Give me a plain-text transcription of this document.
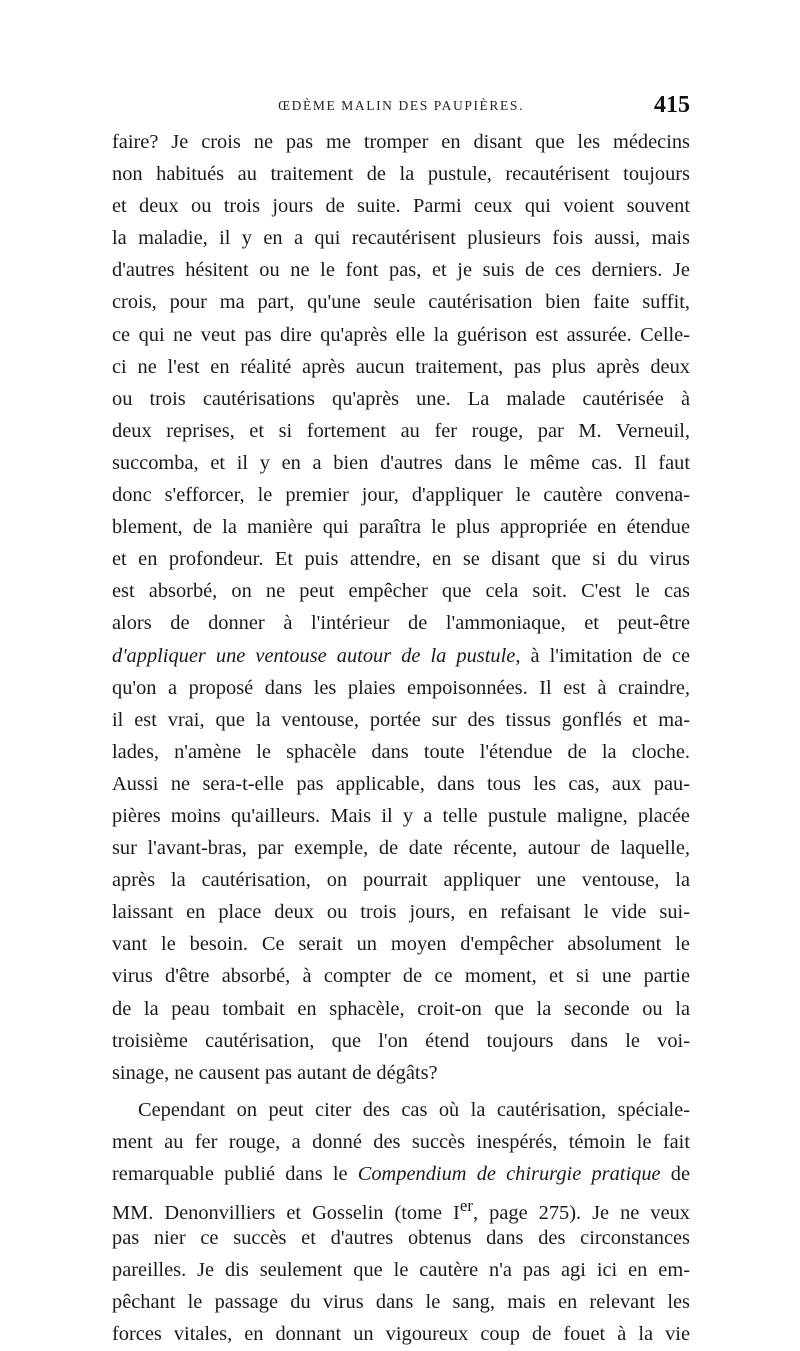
ŒDÈME MALIN DES PAUPIÈRES.	415
faire? Je crois ne pas me tromper en disant que les médecins
non habitués au traitement de la pustule, recautérisent toujours
et deux ou trois jours de suite. Parmi ceux qui voient souvent
la maladie, il y en a qui recautérisent plusieurs fois aussi, mais
d'autres hésitent ou ne le font pas, et je suis de ces derniers. Je
crois, pour ma part, qu'une seule cautérisation bien faite suffit,
ce qui ne veut pas dire qu'après elle la guérison est assurée. Celle-
ci ne l'est en réalité après aucun traitement, pas plus après deux
ou trois cautérisations qu'après une. La malade cautérisée à
deux reprises, et si fortement au fer rouge, par M. Verneuil,
succomba, et il y en a bien d'autres dans le même cas. Il faut
donc s'efforcer, le premier jour, d'appliquer le cautère convena-
blement, de la manière qui paraîtra le plus appropriée en étendue
et en profondeur. Et puis attendre, en se disant que si du virus
est absorbé, on ne peut empêcher que cela soit. C'est le cas
alors de donner à l'intérieur de l'ammoniaque, et peut-être
d'appliquer une ventouse autour de la pustule, à l'imitation de ce
qu'on a proposé dans les plaies empoisonnées. Il est à craindre,
il est vrai, que la ventouse, portée sur des tissus gonflés et ma-
lades, n'amène le sphacèle dans toute l'étendue de la cloche.
Aussi ne sera-t-elle pas applicable, dans tous les cas, aux pau-
pières moins qu'ailleurs. Mais il y a telle pustule maligne, placée
sur l'avant-bras, par exemple, de date récente, autour de laquelle,
après la cautérisation, on pourrait appliquer une ventouse, la
laissant en place deux ou trois jours, en refaisant le vide sui-
vant le besoin. Ce serait un moyen d'empêcher absolument le
virus d'être absorbé, à compter de ce moment, et si une partie
de la peau tombait en sphacèle, croit-on que la seconde ou la
troisième cautérisation, que l'on étend toujours dans le voi-
sinage, ne causent pas autant de dégâts?
Cependant on peut citer des cas où la cautérisation, spéciale-
ment au fer rouge, a donné des succès inespérés, témoin le fait
remarquable publié dans le Compendium de chirurgie pratique de
MM. Denonvilliers et Gosselin (tome Ier, page 275). Je ne veux
pas nier ce succès et d'autres obtenus dans des circonstances
pareilles. Je dis seulement que le cautère n'a pas agi ici en em-
pêchant le passage du virus dans le sang, mais en relevant les
forces vitales, en donnant un vigoureux coup de fouet à la vie
